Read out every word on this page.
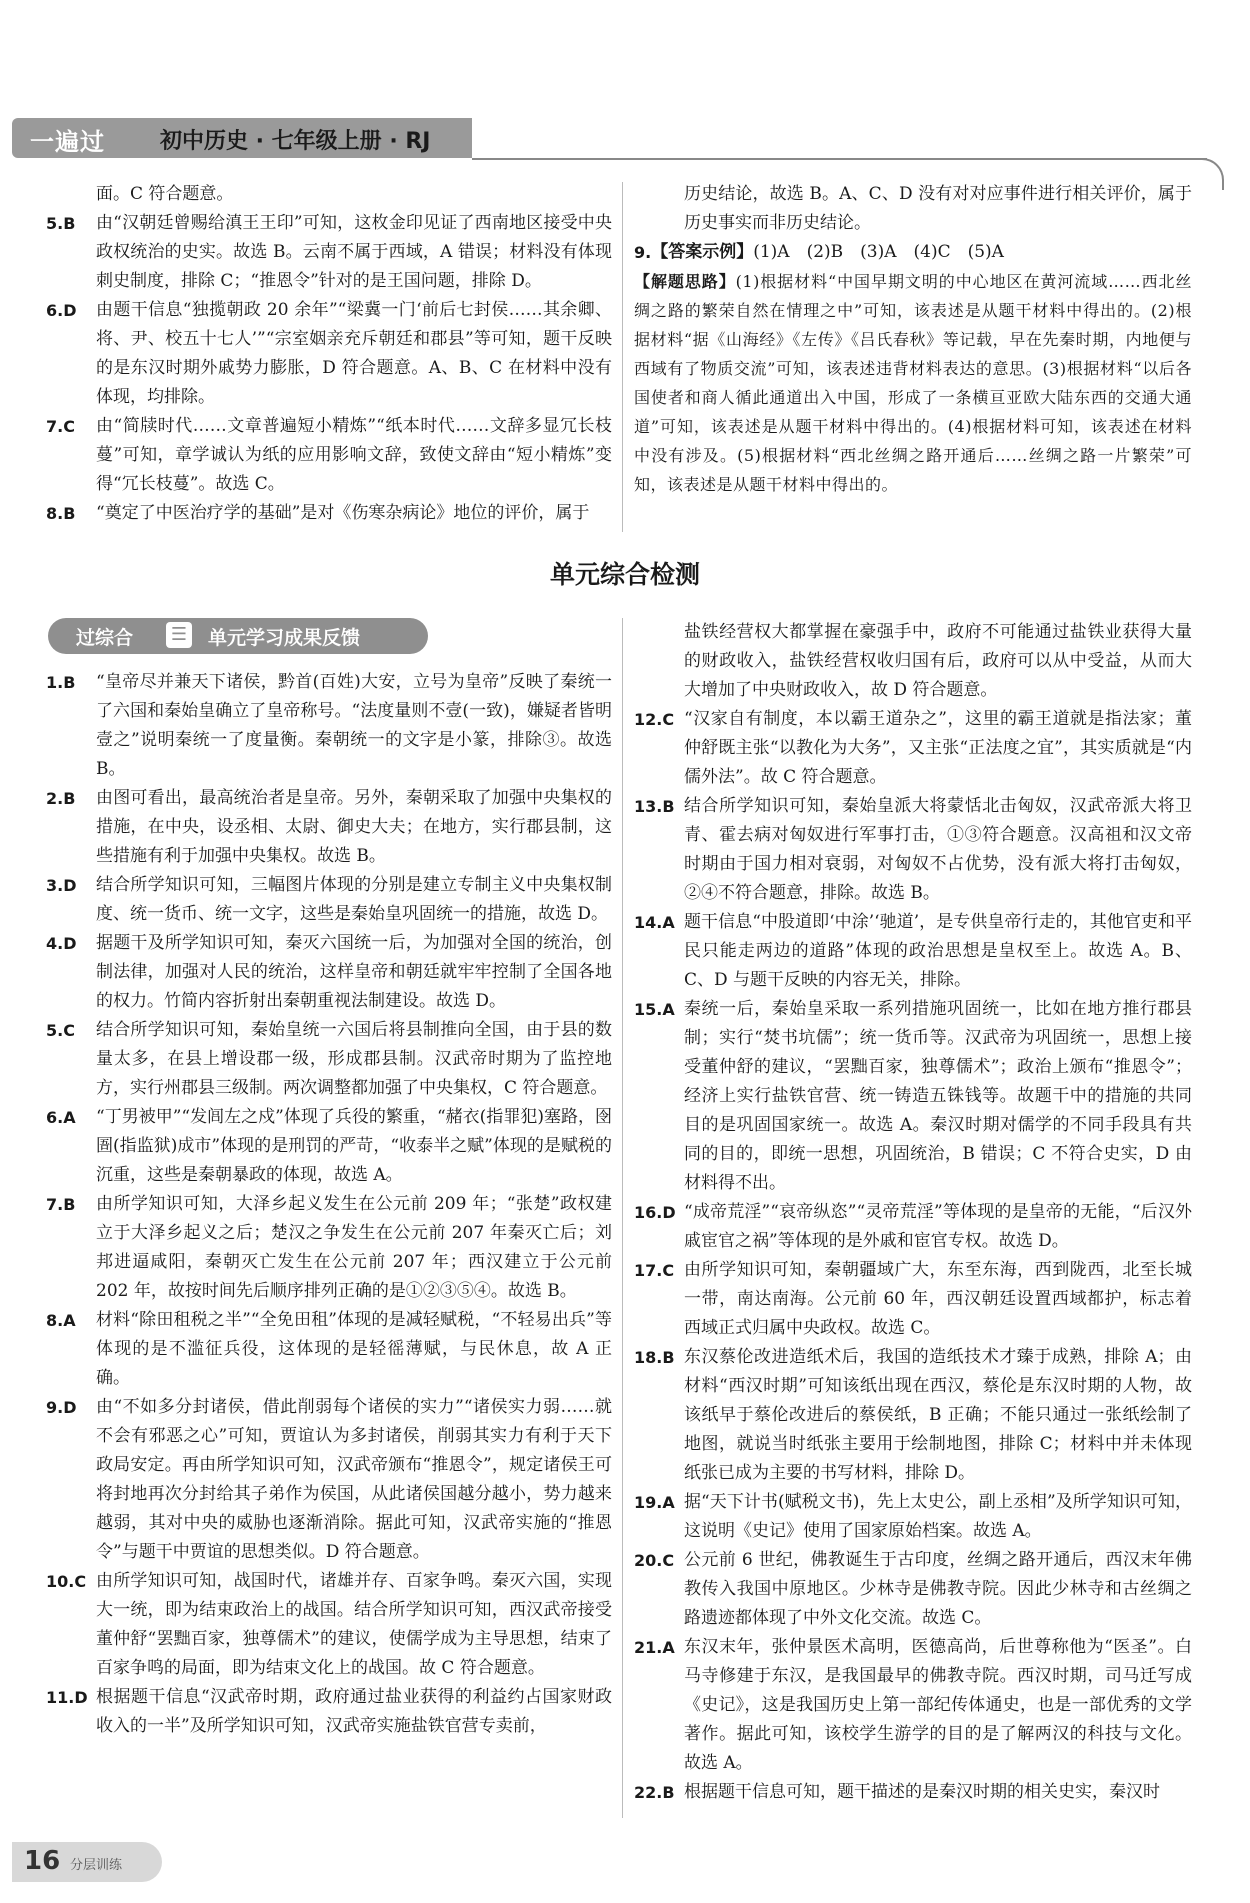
一遍过	初中历史 · 七年级上册 · RJ
面。C 符合题意。
5.B	由“汉朝廷曾赐给滇王王印”可知，这枚金印见证了西南地区接受中央政权统治的史实。故选 B。云南不属于西域，A 错误；材料没有体现刺史制度，排除 C；“推恩令”针对的是王国问题，排除 D。
6.D	由题干信息“独揽朝政 20 余年”“梁冀一门‘前后七封侯……其余卿、将、尹、校五十七人’”“宗室姻亲充斥朝廷和郡县”等可知，题干反映的是东汉时期外戚势力膨胀，D 符合题意。A、B、C 在材料中没有体现，均排除。
7.C	由“简牍时代……文章普遍短小精炼”“纸本时代……文辞多显冗长枝蔓”可知，章学诚认为纸的应用影响文辞，致使文辞由“短小精炼”变得“冗长枝蔓”。故选 C。
8.B	“奠定了中医治疗学的基础”是对《伤寒杂病论》地位的评价，属于
历史结论，故选 B。A、C、D 没有对对应事件进行相关评价，属于历史事实而非历史结论。
9. 【答案示例】(1)A　(2)B　(3)A　(4)C　(5)A
【解题思路】(1)根据材料“中国早期文明的中心地区在黄河流域……西北丝绸之路的繁荣自然在情理之中”可知，该表述是从题干材料中得出的。(2)根据材料“据《山海经》《左传》《吕氏春秋》等记载，早在先秦时期，内地便与西域有了物质交流”可知，该表述违背材料表达的意思。(3)根据材料“以后各国使者和商人循此通道出入中国，形成了一条横亘亚欧大陆东西的交通大通道”可知，该表述是从题干材料中得出的。(4)根据材料可知，该表述在材料中没有涉及。(5)根据材料“西北丝绸之路开通后……丝绸之路一片繁荣”可知，该表述是从题干材料中得出的。
单元综合检测
过综合 ☰ 单元学习成果反馈
1.B	“皇帝尽并兼天下诸侯，黔首(百姓)大安，立号为皇帝”反映了秦统一了六国和秦始皇确立了皇帝称号。“法度量则不壹(一致)，嫌疑者皆明壹之”说明秦统一了度量衡。秦朝统一的文字是小篆，排除③。故选 B。
2.B	由图可看出，最高统治者是皇帝。另外，秦朝采取了加强中央集权的措施，在中央，设丞相、太尉、御史大夫；在地方，实行郡县制，这些措施有利于加强中央集权。故选 B。
3.D	结合所学知识可知，三幅图片体现的分别是建立专制主义中央集权制度、统一货币、统一文字，这些是秦始皇巩固统一的措施，故选 D。
4.D	据题干及所学知识可知，秦灭六国统一后，为加强对全国的统治，创制法律，加强对人民的统治，这样皇帝和朝廷就牢牢控制了全国各地的权力。竹简内容折射出秦朝重视法制建设。故选 D。
5.C	结合所学知识可知，秦始皇统一六国后将县制推向全国，由于县的数量太多，在县上增设郡一级，形成郡县制。汉武帝时期为了监控地方，实行州郡县三级制。两次调整都加强了中央集权，C 符合题意。
6.A	“丁男被甲”“发闾左之戍”体现了兵役的繁重，“赭衣(指罪犯)塞路，囹圄(指监狱)成市”体现的是刑罚的严苛，“收泰半之赋”体现的是赋税的沉重，这些是秦朝暴政的体现，故选 A。
7.B	由所学知识可知，大泽乡起义发生在公元前 209 年；“张楚”政权建立于大泽乡起义之后；楚汉之争发生在公元前 207 年秦灭亡后；刘邦进逼咸阳，秦朝灭亡发生在公元前 207 年；西汉建立于公元前 202 年，故按时间先后顺序排列正确的是①②③⑤④。故选 B。
8.A	材料“除田租税之半”“全免田租”体现的是减轻赋税，“不轻易出兵”等体现的是不滥征兵役，这体现的是轻徭薄赋，与民休息，故 A 正确。
9.D	由“不如多分封诸侯，借此削弱每个诸侯的实力”“诸侯实力弱……就不会有邪恶之心”可知，贾谊认为多封诸侯，削弱其实力有利于天下政局安定。再由所学知识可知，汉武帝颁布“推恩令”，规定诸侯王可将封地再次分封给其子弟作为侯国，从此诸侯国越分越小，势力越来越弱，其对中央的威胁也逐渐消除。据此可知，汉武帝实施的“推恩令”与题干中贾谊的思想类似。D 符合题意。
10.C 由所学知识可知，战国时代，诸雄并存、百家争鸣。秦灭六国，实现大一统，即为结束政治上的战国。结合所学知识可知，西汉武帝接受董仲舒“罢黜百家，独尊儒术”的建议，使儒学成为主导思想，结束了百家争鸣的局面，即为结束文化上的战国。故 C 符合题意。
11.D 根据题干信息“汉武帝时期，政府通过盐业获得的利益约占国家财政收入的一半”及所学知识可知，汉武帝实施盐铁官营专卖前，
盐铁经营权大都掌握在豪强手中，政府不可能通过盐铁业获得大量的财政收入，盐铁经营权收归国有后，政府可以从中受益，从而大大增加了中央财政收入，故 D 符合题意。
12.C “汉家自有制度，本以霸王道杂之”，这里的霸王道就是指法家；董仲舒既主张“以教化为大务”，又主张“正法度之宜”，其实质就是“内儒外法”。故 C 符合题意。
13.B 结合所学知识可知，秦始皇派大将蒙恬北击匈奴，汉武帝派大将卫青、霍去病对匈奴进行军事打击，①③符合题意。汉高祖和汉文帝时期由于国力相对衰弱，对匈奴不占优势，没有派大将打击匈奴，②④不符合题意，排除。故选 B。
14.A 题干信息“中股道即‘中涂’‘驰道’，是专供皇帝行走的，其他官吏和平民只能走两边的道路”体现的政治思想是皇权至上。故选 A。B、C、D 与题干反映的内容无关，排除。
15.A 秦统一后，秦始皇采取一系列措施巩固统一，比如在地方推行郡县制；实行“焚书坑儒”；统一货币等。汉武帝为巩固统一，思想上接受董仲舒的建议，“罢黜百家，独尊儒术”；政治上颁布“推恩令”；经济上实行盐铁官营、统一铸造五铢钱等。故题干中的措施的共同目的是巩固国家统一。故选 A。秦汉时期对儒学的不同手段具有共同的目的，即统一思想，巩固统治，B 错误；C 不符合史实，D 由材料得不出。
16.D “成帝荒淫”“哀帝纵恣”“灵帝荒淫”等体现的是皇帝的无能，“后汉外戚宦官之祸”等体现的是外戚和宦官专权。故选 D。
17.C 由所学知识可知，秦朝疆域广大，东至东海，西到陇西，北至长城一带，南达南海。公元前 60 年，西汉朝廷设置西域都护，标志着西域正式归属中央政权。故选 C。
18.B 东汉蔡伦改进造纸术后，我国的造纸技术才臻于成熟，排除 A；由材料“西汉时期”可知该纸出现在西汉，蔡伦是东汉时期的人物，故该纸早于蔡伦改进后的蔡侯纸，B 正确；不能只通过一张纸绘制了地图，就说当时纸张主要用于绘制地图，排除 C；材料中并未体现纸张已成为主要的书写材料，排除 D。
19.A 据“天下计书(赋税文书)，先上太史公，副上丞相”及所学知识可知，这说明《史记》使用了国家原始档案。故选 A。
20.C 公元前 6 世纪，佛教诞生于古印度，丝绸之路开通后，西汉末年佛教传入我国中原地区。少林寺是佛教寺院。因此少林寺和古丝绸之路遗迹都体现了中外文化交流。故选 C。
21.A 东汉末年，张仲景医术高明，医德高尚，后世尊称他为“医圣”。白马寺修建于东汉，是我国最早的佛教寺院。西汉时期，司马迁写成《史记》，这是我国历史上第一部纪传体通史，也是一部优秀的文学著作。据此可知，该校学生游学的目的是了解两汉的科技与文化。故选 A。
22.B 根据题干信息可知，题干描述的是秦汉时期的相关史实，秦汉时
16 分层训练
